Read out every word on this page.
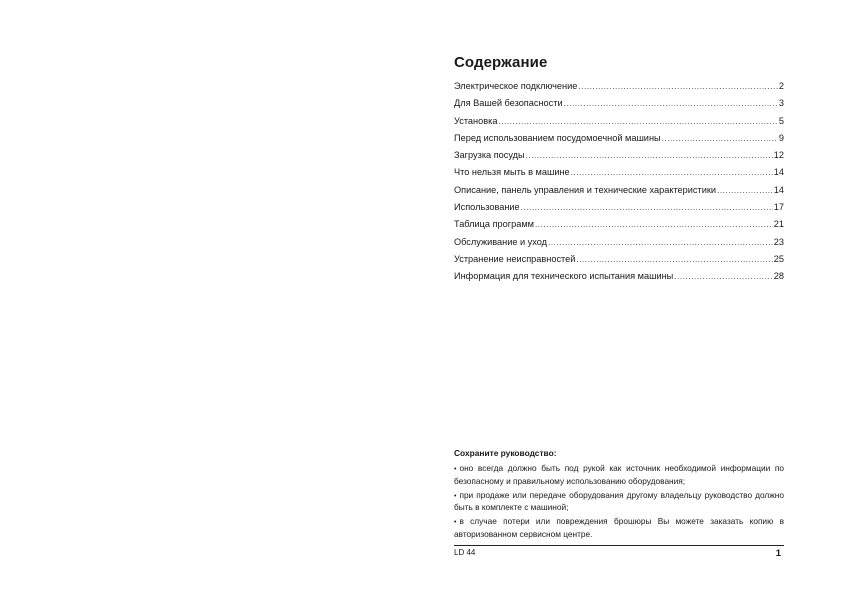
Содержание
Электрическое подключение .....	2
Для Вашей безопасности .....	3
Установка .....	5
Перед использованием посудомоечной машины .....	9
Загрузка посуды .....	12
Что нельзя мыть в машине .....	14
Описание, панель управления и технические характеристики .....	14
Использование .....	17
Таблица программ .....	21
Обслуживание и уход .....	23
Устранение неисправностей .....	25
Информация для технического испытания машины .....	28

Сохраните руководство:

• оно всегда должно быть под рукой как источник необходимой информации по безопасному и правильному использованию оборудования;
• при продаже или передаче оборудования другому владельцу руководство должно быть в комплекте с машиной;
• в случае потери или повреждения брошюры Вы можете заказать копию в авторизованном сервисном центре.
LD 44	1
